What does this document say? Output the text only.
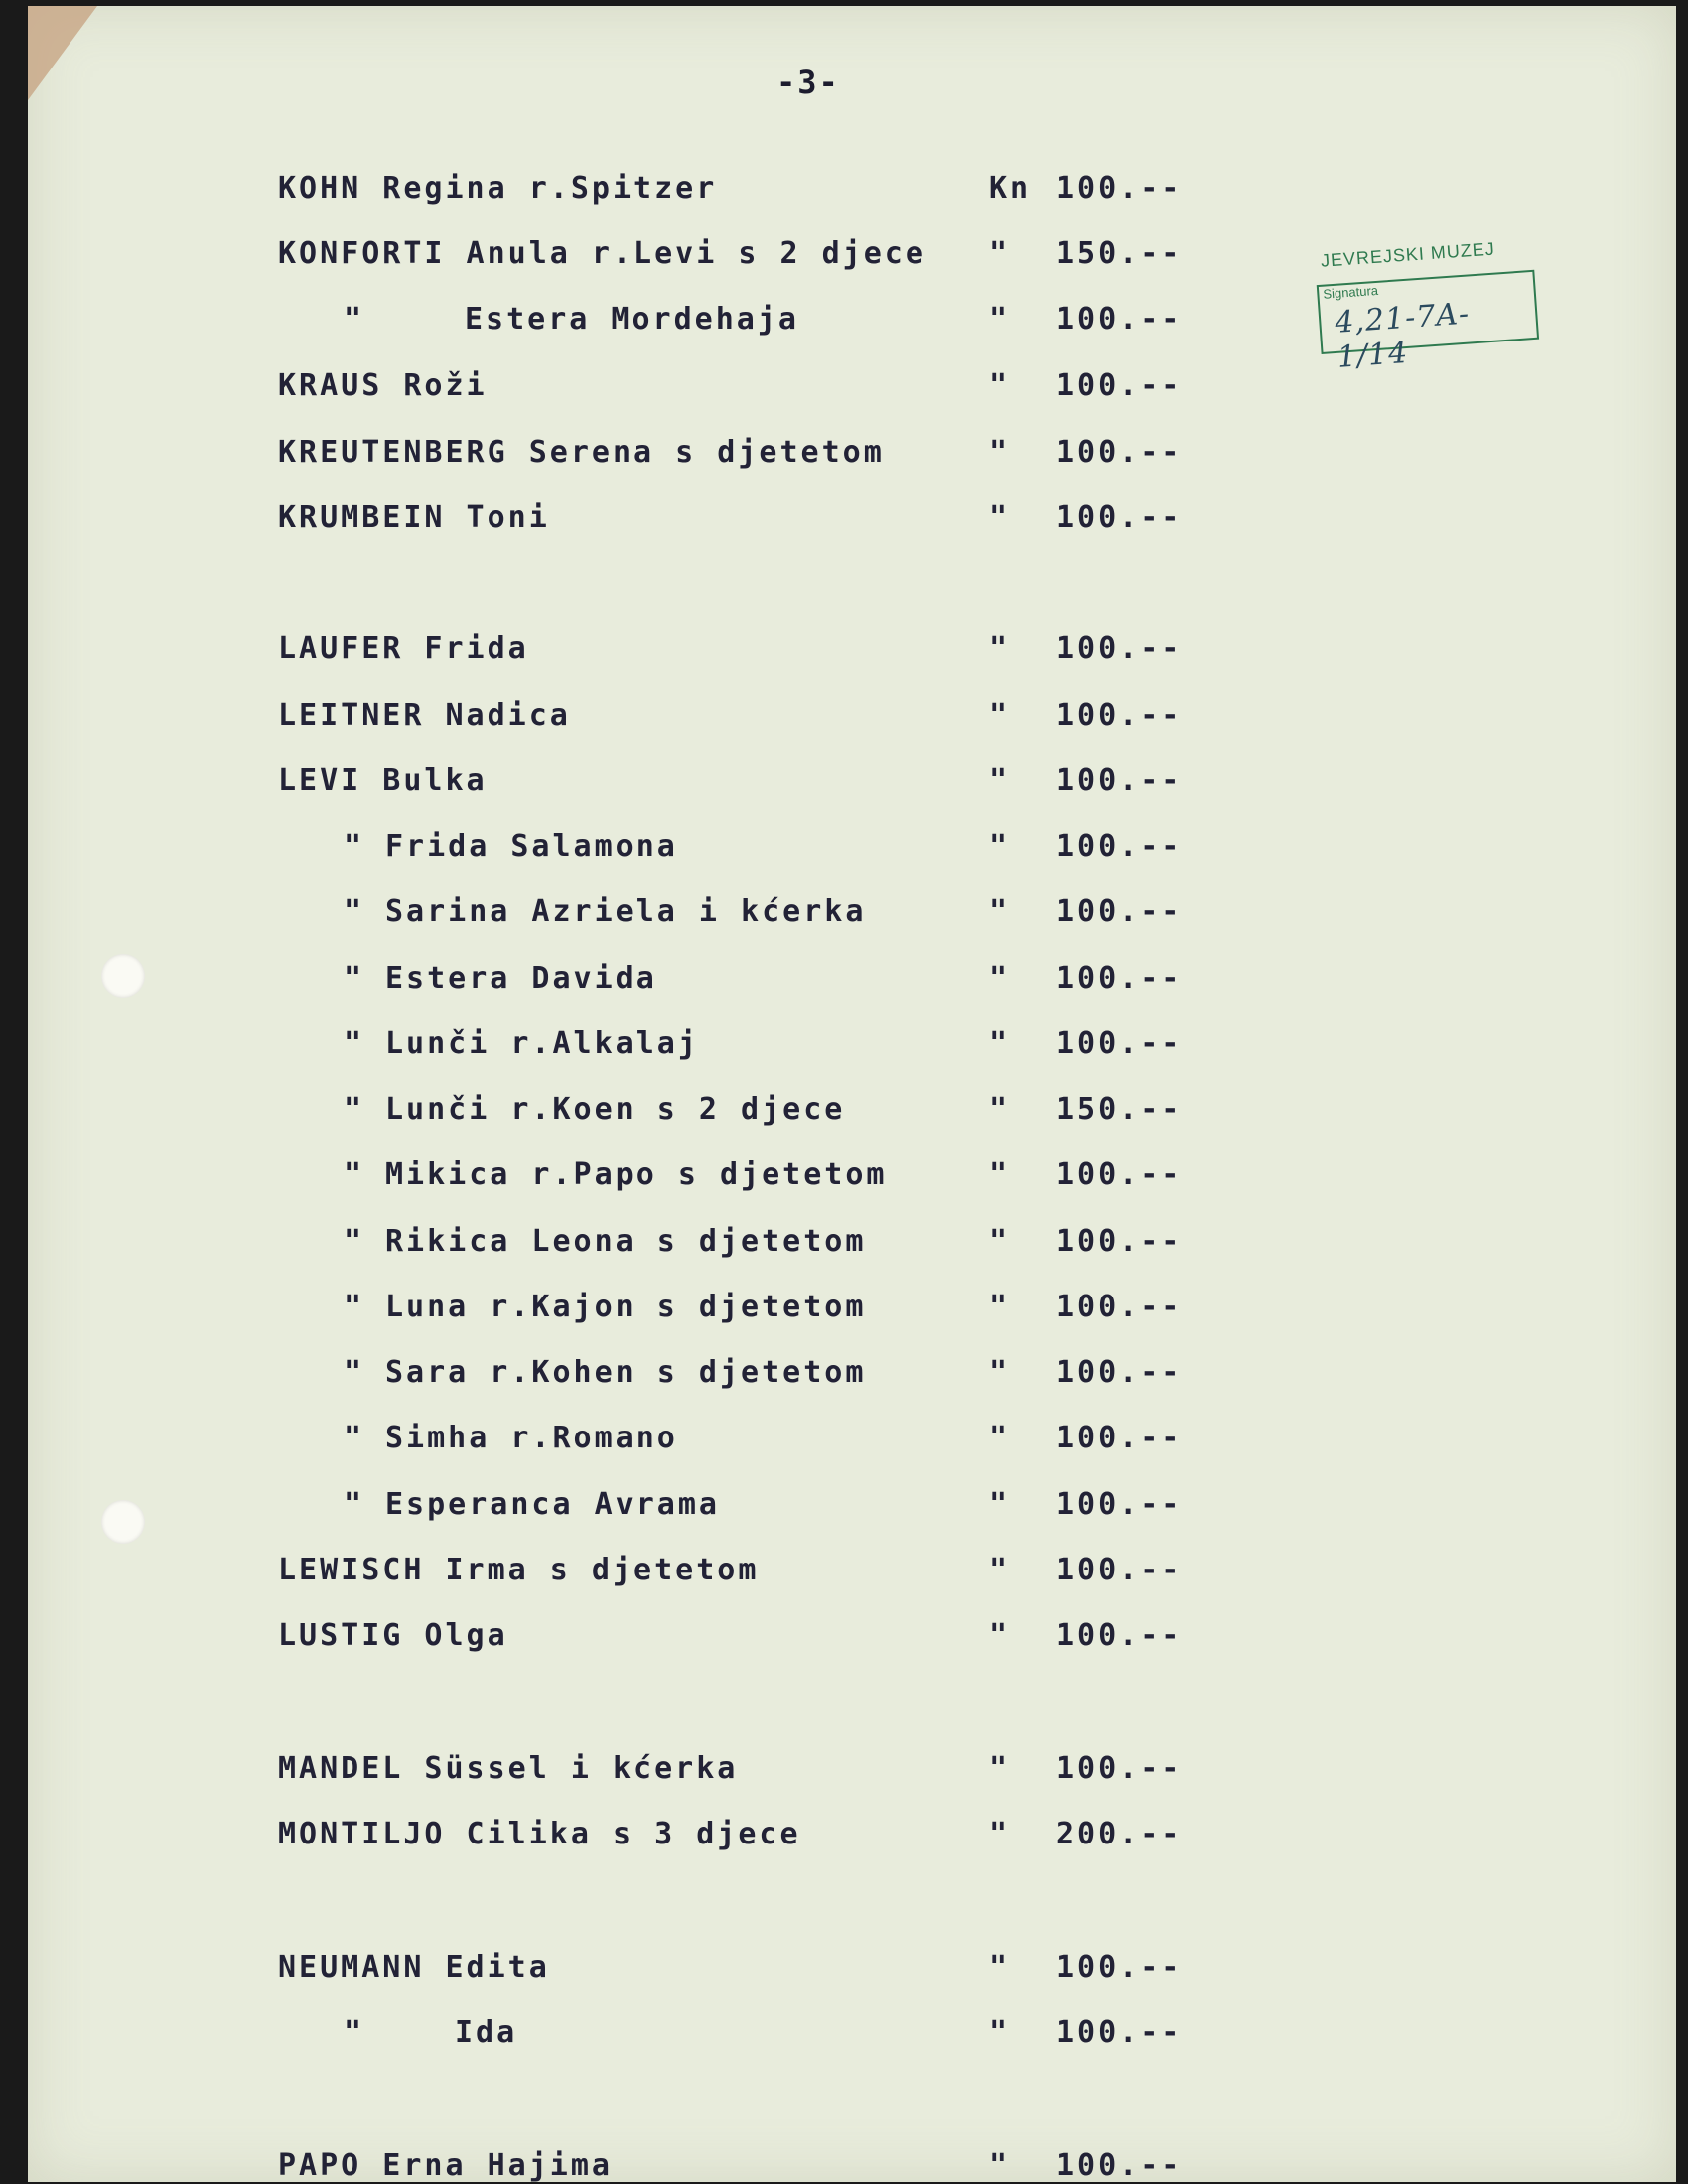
-3-
JEVREJSKI MUZEJ
Signatura
4,21-7A-1/14
KOHN Regina r.Spitzer	Kn 100.--
KONFORTI Anula r.Levi s 2 djece " 150.--
"	Estera Mordehaja	" 100.--
KRAUS Roži	" 100.--
KREUTENBERG Serena s djetetom	" 100.--
KRUMBEIN Toni	" 100.--
LAUFER Frida	" 100.--
LEITNER Nadica	" 100.--
LEVI Bulka	" 100.--
" Frida Salamona	" 100.--
" Sarina Azriela i kćerka	" 100.--
" Estera Davida	" 100.--
" Lunči r.Alkalaj	" 100.--
" Lunči r.Koen s 2 djece	" 150.--
" Mikica r.Papo s djetetom	" 100.--
" Rikica Leona s djetetom	" 100.--
" Luna r.Kajon s djetetom	" 100.--
" Sara r.Kohen s djetetom	" 100.--
" Simha r.Romano	" 100.--
" Esperanca Avrama	" 100.--
LEWISCH Irma s djetetom	" 100.--
LUSTIG Olga	" 100.--
MANDEL Süssel i kćerka	" 100.--
MONTILJO Cilika s 3 djece	" 200.--
NEUMANN Edita	" 100.--
"	Ida	" 100.--
PAPO Erna Hajima	" 100.--
